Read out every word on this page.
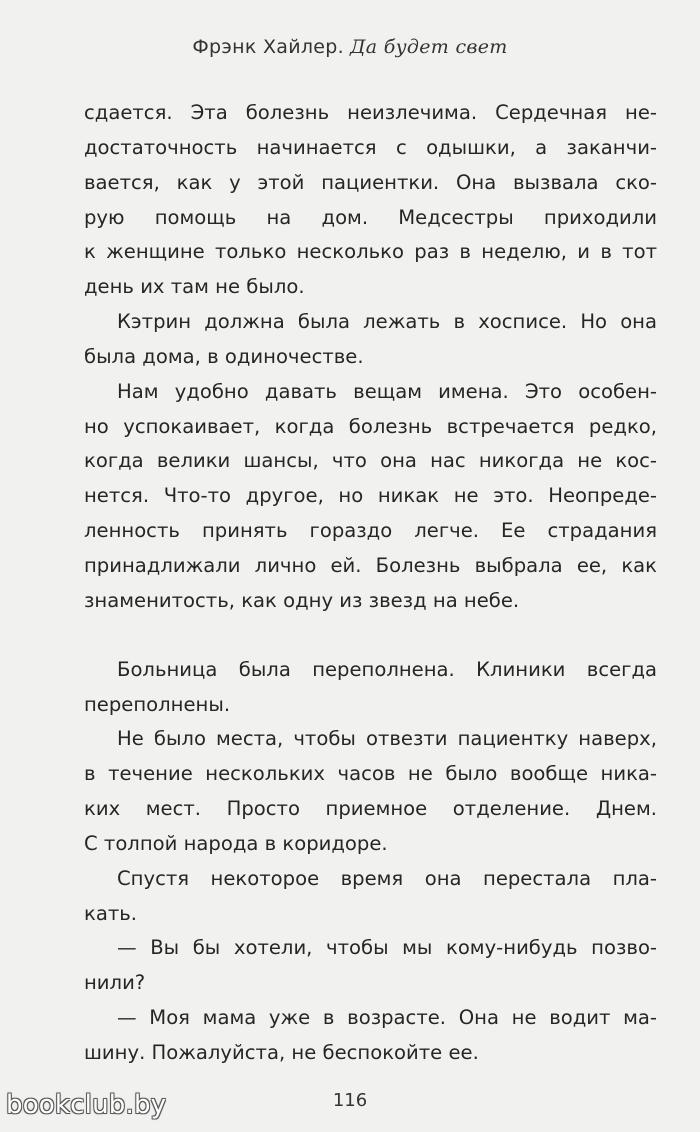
Фрэнк Хайлер. Да будет свет
сдается. Эта болезнь неизлечима. Сердечная не-
достаточность начинается с одышки, а заканчи-
вается, как у этой пациентки. Она вызвала ско-
рую помощь на дом. Медсестры приходили
к женщине только несколько раз в неделю, и в тот
день их там не было.
Кэтрин должна была лежать в хосписе. Но она
была дома, в одиночестве.
Нам удобно давать вещам имена. Это особен-
но успокаивает, когда болезнь встречается редко,
когда велики шансы, что она нас никогда не кос-
нется. Что-то другое, но никак не это. Неопреде-
ленность принять гораздо легче. Ее страдания
принадлижали лично ей. Болезнь выбрала ее, как
знаменитость, как одну из звезд на небе.
Больница была переполнена. Клиники всегда
переполнены.
Не было места, чтобы отвезти пациентку наверх,
в течение нескольких часов не было вообще ника-
ких мест. Просто приемное отделение. Днем.
С толпой народа в коридоре.
Спустя некоторое время она перестала пла-
кать.
— Вы бы хотели, чтобы мы кому-нибудь позво-
нили?
— Моя мама уже в возрасте. Она не водит ма-
шину. Пожалуйста, не беспокойте ее.
116
bookclub.by
